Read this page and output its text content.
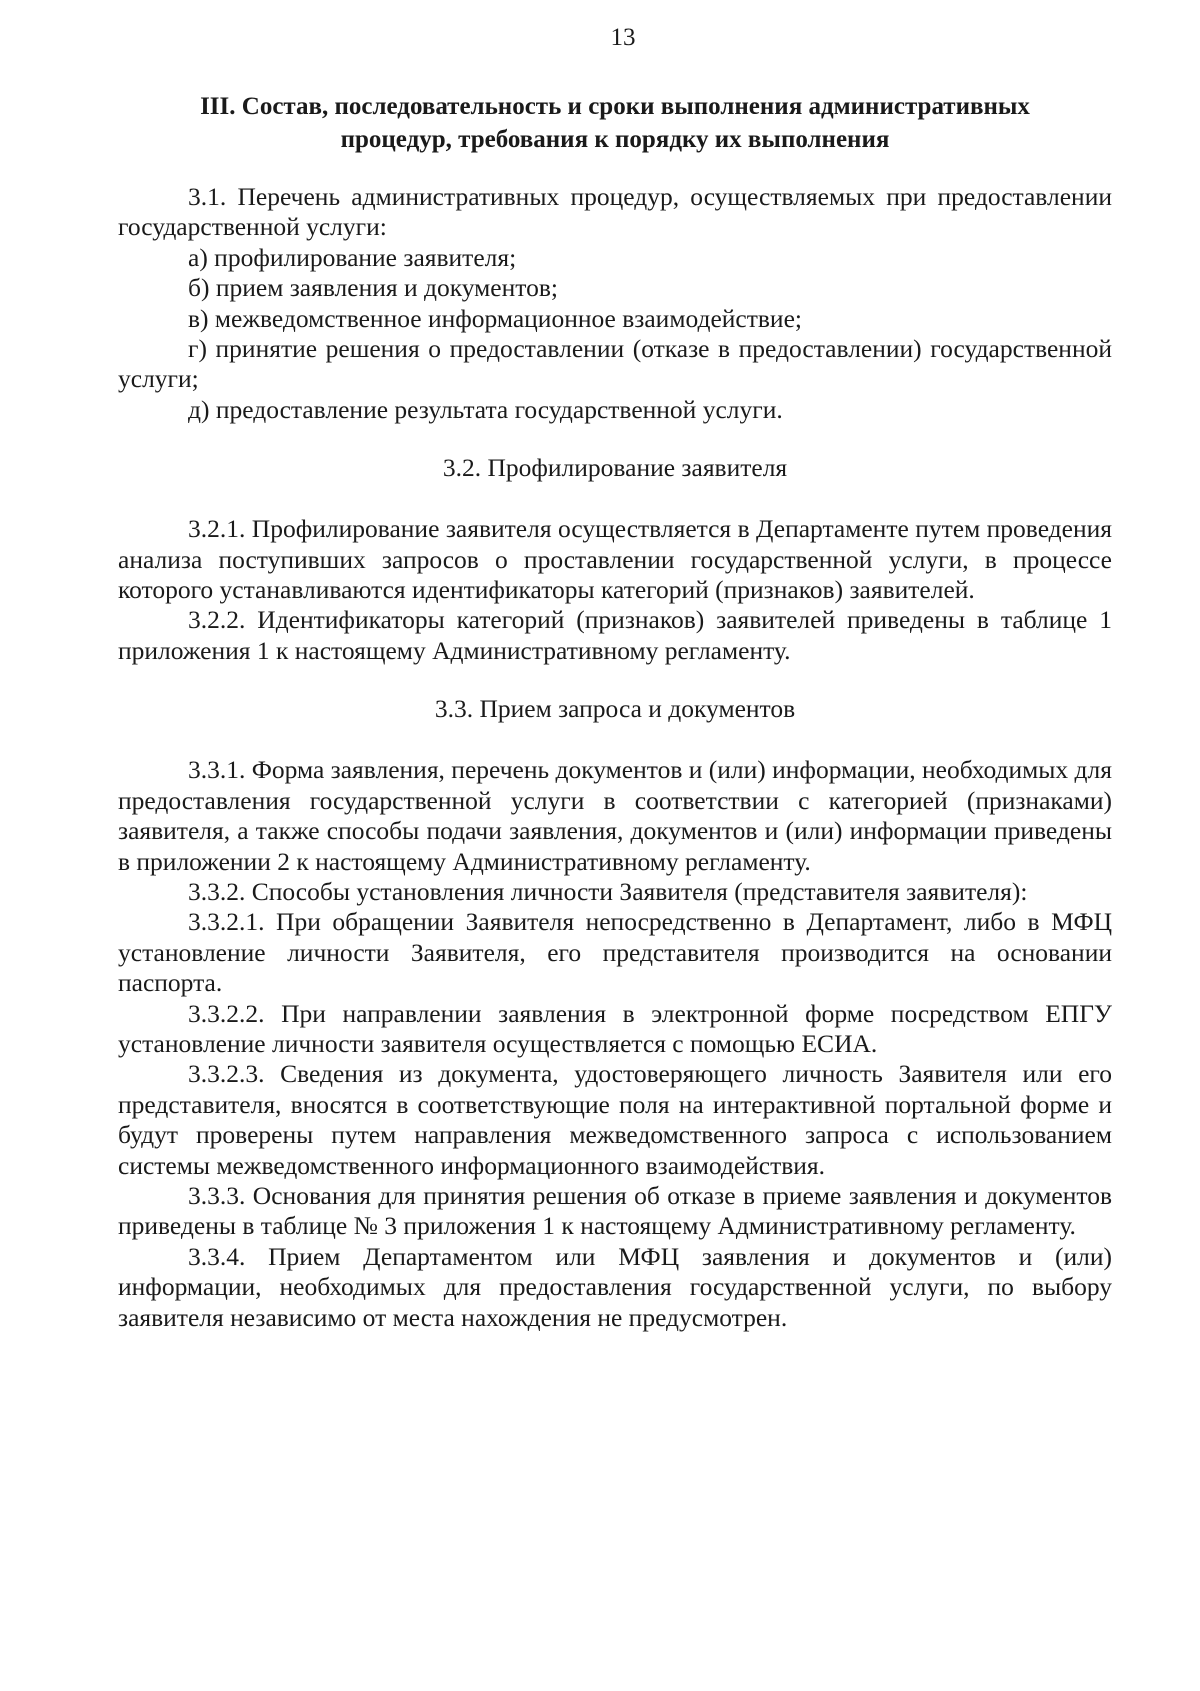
13
III. Состав, последовательность и сроки выполнения административных
процедур, требования к порядку их выполнения

3.1. Перечень административных процедур, осуществляемых при предоставлении государственной услуги:

а) профилирование заявителя;

б) прием заявления и документов;

в) межведомственное информационное взаимодействие;

г) принятие решения о предоставлении (отказе в предоставлении) государственной услуги;

д) предоставление результата государственной услуги.

3.2. Профилирование заявителя

3.2.1. Профилирование заявителя осуществляется в Департаменте путем проведения анализа поступивших запросов о проставлении государственной услуги, в процессе которого устанавливаются идентификаторы категорий (признаков) заявителей.

3.2.2. Идентификаторы категорий (признаков) заявителей приведены в таблице 1 приложения 1 к настоящему Административному регламенту.

3.3. Прием запроса и документов

3.3.1. Форма заявления, перечень документов и (или) информации, необходимых для предоставления государственной услуги в соответствии с категорией (признаками) заявителя, а также способы подачи заявления, документов и (или) информации приведены в приложении 2 к настоящему Административному регламенту.

3.3.2. Способы установления личности Заявителя (представителя заявителя):

3.3.2.1. При обращении Заявителя непосредственно в Департамент, либо в МФЦ установление личности Заявителя, его представителя производится на основании паспорта.

3.3.2.2. При направлении заявления в электронной форме посредством ЕПГУ установление личности заявителя осуществляется с помощью ЕСИА.

3.3.2.3. Сведения из документа, удостоверяющего личность Заявителя или его представителя, вносятся в соответствующие поля на интерактивной портальной форме и будут проверены путем направления межведомственного запроса с использованием системы межведомственного информационного взаимодействия.

3.3.3. Основания для принятия решения об отказе в приеме заявления и документов приведены в таблице № 3 приложения 1 к настоящему Административному регламенту.

3.3.4. Прием Департаментом или МФЦ заявления и документов и (или) информации, необходимых для предоставления государственной услуги, по выбору заявителя независимо от места нахождения не предусмотрен.
